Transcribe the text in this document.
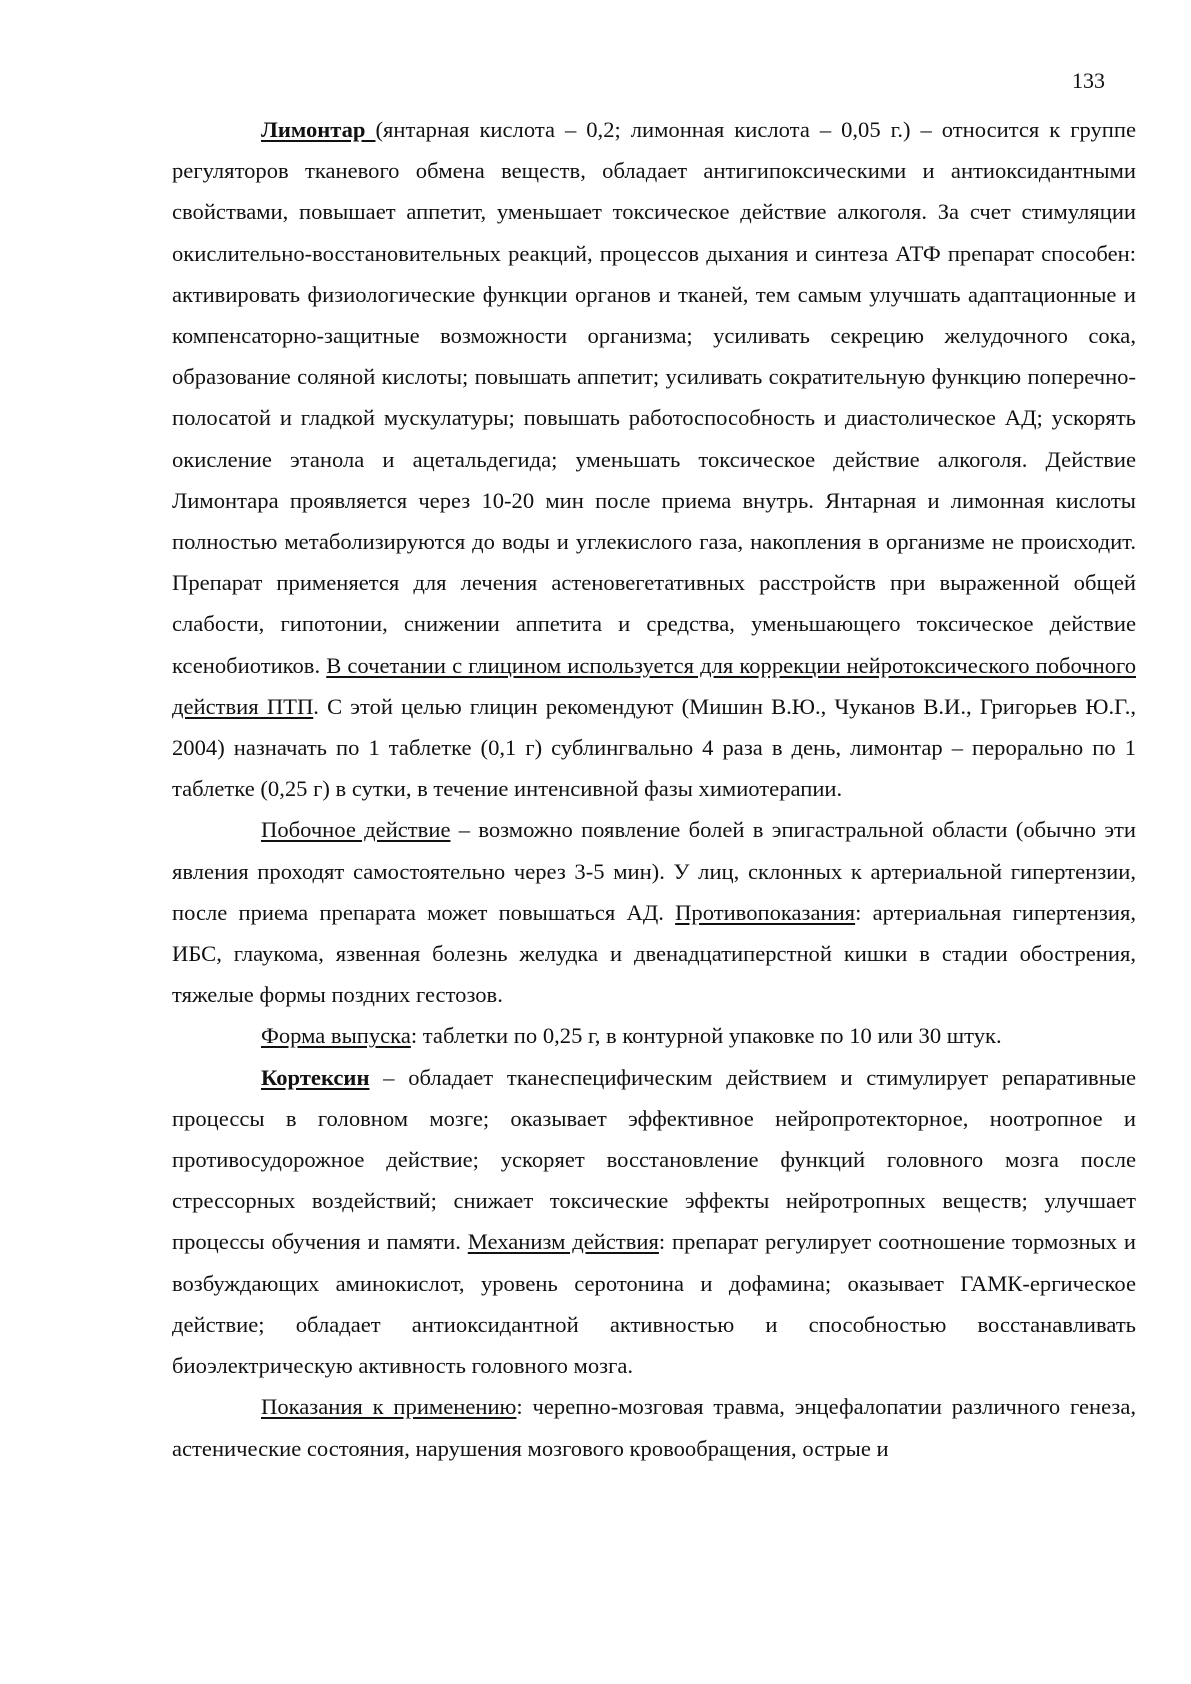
133

Лимонтар (янтарная кислота – 0,2; лимонная кислота – 0,05 г.) – относится к группе регуляторов тканевого обмена веществ, обладает антигипоксическими и антиоксидантными свойствами, повышает аппетит, уменьшает токсическое действие алкоголя. За счет стимуляции окислительно-восстановительных реакций, процессов дыхания и синтеза АТФ препарат способен: активировать физиологические функции органов и тканей, тем самым улучшать адаптационные и компенсаторно-защитные возможности организма; усиливать секрецию желудочного сока, образование соляной кислоты; повышать аппетит; усиливать сократительную функцию поперечно-полосатой и гладкой мускулатуры; повышать работоспособность и диастолическое АД; ускорять окисление этанола и ацетальдегида; уменьшать токсическое действие алкоголя. Действие Лимонтара проявляется через 10-20 мин после приема внутрь. Янтарная и лимонная кислоты полностью метаболизируются до воды и углекислого газа, накопления в организме не происходит. Препарат применяется для лечения астеновегетативных расстройств при выраженной общей слабости, гипотонии, снижении аппетита и средства, уменьшающего токсическое действие ксенобиотиков. В сочетании с глицином используется для коррекции нейротоксического побочного действия ПТП. С этой целью глицин рекомендуют (Мишин В.Ю., Чуканов В.И., Григорьев Ю.Г., 2004) назначать по 1 таблетке (0,1 г) сублингвально 4 раза в день, лимонтар – перорально по 1 таблетке (0,25 г) в сутки, в течение интенсивной фазы химиотерапии.

Побочное действие – возможно появление болей в эпигастральной области (обычно эти явления проходят самостоятельно через 3-5 мин). У лиц, склонных к артериальной гипертензии, после приема препарата может повышаться АД. Противопоказания: артериальная гипертензия, ИБС, глаукома, язвенная болезнь желудка и двенадцатиперстной кишки в стадии обострения, тяжелые формы поздних гестозов.

Форма выпуска: таблетки по 0,25 г, в контурной упаковке по 10 или 30 штук.

Кортексин – обладает тканеспецифическим действием и стимулирует репаративные процессы в головном мозге; оказывает эффективное нейропротекторное, ноотропное и противосудорожное действие; ускоряет восстановление функций головного мозга после стрессорных воздействий; снижает токсические эффекты нейротропных веществ; улучшает процессы обучения и памяти. Механизм действия: препарат регулирует соотношение тормозных и возбуждающих аминокислот, уровень серотонина и дофамина; оказывает ГАМК-ергическое действие; обладает антиоксидантной активностью и способностью восстанавливать биоэлектрическую активность головного мозга.

Показания к применению: черепно-мозговая травма, энцефалопатии различного генеза, астенические состояния, нарушения мозгового кровообращения, острые и
